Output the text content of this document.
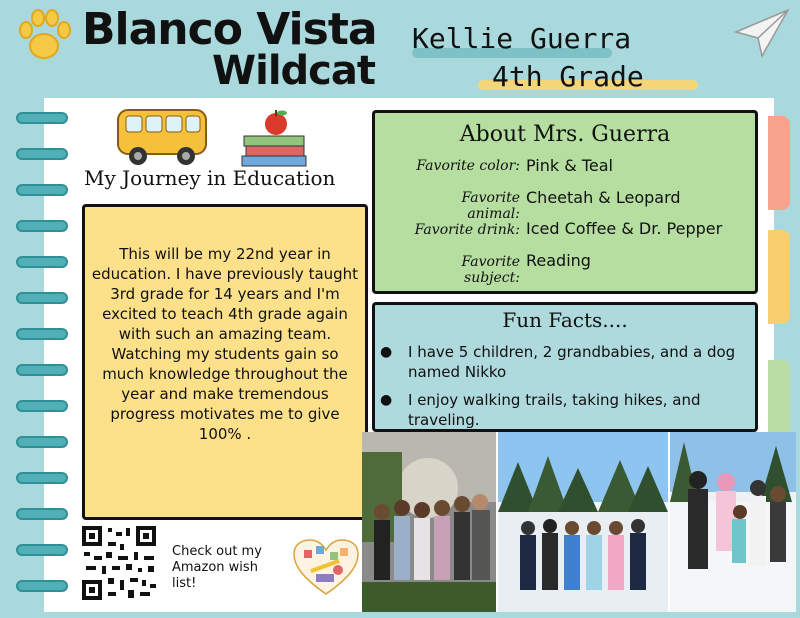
Blanco Vista
Wildcat
Kellie Guerra
4th Grade
My Journey in Education
This will be my 22nd year in education. I have previously taught 3rd grade for 14 years and I'm excited to teach 4th grade again with such an amazing team. Watching my students gain so much knowledge throughout the year and make tremendous progress motivates me to give 100% .
Check out my Amazon wish list!
About Mrs. Guerra
Favorite color: Pink & Teal
Favorite animal:
Cheetah & Leopard
Favorite drink: Iced Coffee & Dr. Pepper
Favorite subject:
Reading
Fun Facts....
● I have 5 children, 2 grandbabies, and a dog named Nikko
● I enjoy walking trails, taking hikes, and traveling.
